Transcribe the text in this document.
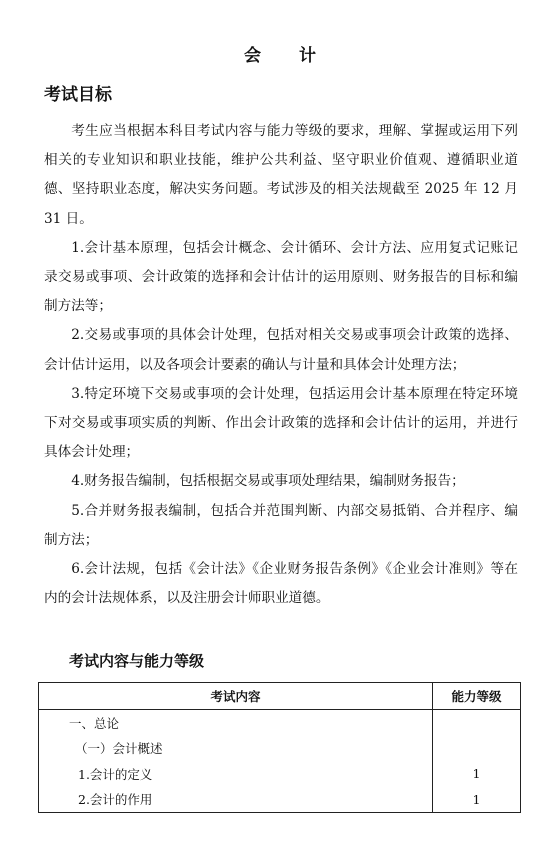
会 计
考试目标

考生应当根据本科目考试内容与能力等级的要求，理解、掌握或运用下列相关的专业知识和职业技能，维护公共利益、坚守职业价值观、遵循职业道德、坚持职业态度，解决实务问题。考试涉及的相关法规截至 2025 年 12 月 31 日。

1.会计基本原理，包括会计概念、会计循环、会计方法、应用复式记账记录交易或事项、会计政策的选择和会计估计的运用原则、财务报告的目标和编制方法等；

2.交易或事项的具体会计处理，包括对相关交易或事项会计政策的选择、会计估计运用，以及各项会计要素的确认与计量和具体会计处理方法；

3.特定环境下交易或事项的会计处理，包括运用会计基本原理在特定环境下对交易或事项实质的判断、作出会计政策的选择和会计估计的运用，并进行具体会计处理；

4.财务报告编制，包括根据交易或事项处理结果，编制财务报告；

5.合并财务报表编制，包括合并范围判断、内部交易抵销、合并程序、编制方法；

6.会计法规，包括《会计法》《企业财务报告条例》《企业会计准则》等在内的会计法规体系，以及注册会计师职业道德。

考试内容与能力等级
考试内容	能力等级
一、总论	
（一）会计概述	
1.会计的定义	1
2.会计的作用	1
